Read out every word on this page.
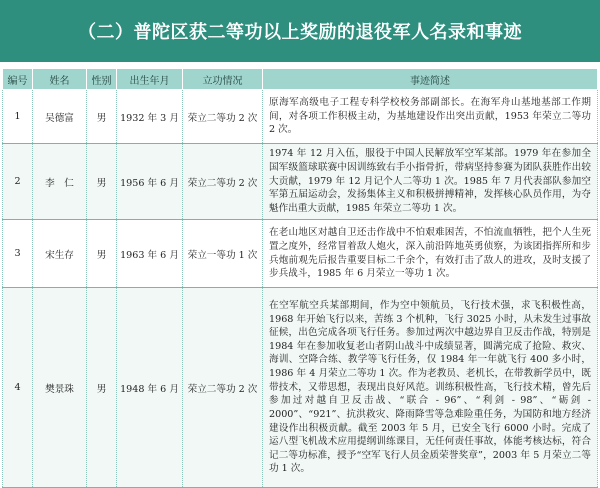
（二）普陀区获二等功以上奖励的退役军人名录和事迹
编号	姓名	性别	出生年月	立功情况	事迹简述
1	吴德富	男	1932 年 3 月	荣立二等功 2 次	原海军高级电子工程专科学校校务部副部长。在海军舟山基地基部工作期间，对各项工作积极主动，为基地建设作出突出贡献，1953 年荣立二等功 2 次。
2	李　仁	男	1956 年 6 月	荣立二等功 2 次	1974 年 12 月入伍，服役于中国人民解放军空军某部。1979 年在参加全国军级篮球联赛中因训练致右手小指骨折，带病坚持参赛为团队获胜作出较大贡献，1979 年 12 月记个人二等功 1 次。1985 年 7 月代表部队参加空军第五届运动会，发扬集体主义和积极拼搏精神，发挥核心队员作用，为夺魁作出重大贡献，1985 年荣立二等功 1 次。
3	宋生存	男	1963 年 6 月	荣立一等功 1 次	在老山地区对越自卫还击作战中不怕艰难困苦，不怕流血牺牲，把个人生死置之度外，经常冒着敌人炮火，深入前沿阵地英勇侦察，为该团指挥所和步兵炮前观先后报告重要目标二千余个，有效打击了敌人的进攻，及时支援了步兵战斗，1985 年 6 月荣立一等功 1 次。
4	樊景珠	男	1948 年 6 月	荣立二等功 2 次	在空军航空兵某部期间，作为空中领航员，飞行技术强，求飞积极性高，1968 年开始飞行以来，苦练 3 个机种，飞行 3025 小时，从未发生过事故征候，出色完成各项飞行任务。参加过两次中越边界自卫反击作战，特别是 1984 年在参加收复老山者阴山战斗中成绩显著，圆满完成了抢险、救灾、海训、空降合练、教学等飞行任务，仅 1984 年一年就飞行 400 多小时，1986 年 4 月荣立二等功 1 次。作为老教员、老机长，在带教新学员中，既带技术，又带思想，表现出良好风范。训练积极性高，飞行技术精，曾先后参加过对越自卫反击战、“联合 - 96”、“利剑 - 98”、“砺剑 - 2000”、“921”、抗洪救灾、降雨降雪等急难险重任务，为国防和地方经济建设作出积极贡献。截至 2003 年 5 月，已安全飞行 6000 小时。完成了运八型飞机战术应用提纲训练课目，无任何责任事故，体能考核达标，符合记二等功标准，授予“空军飞行人员金质荣誉奖章”，2003 年 5 月荣立二等功 1 次。
